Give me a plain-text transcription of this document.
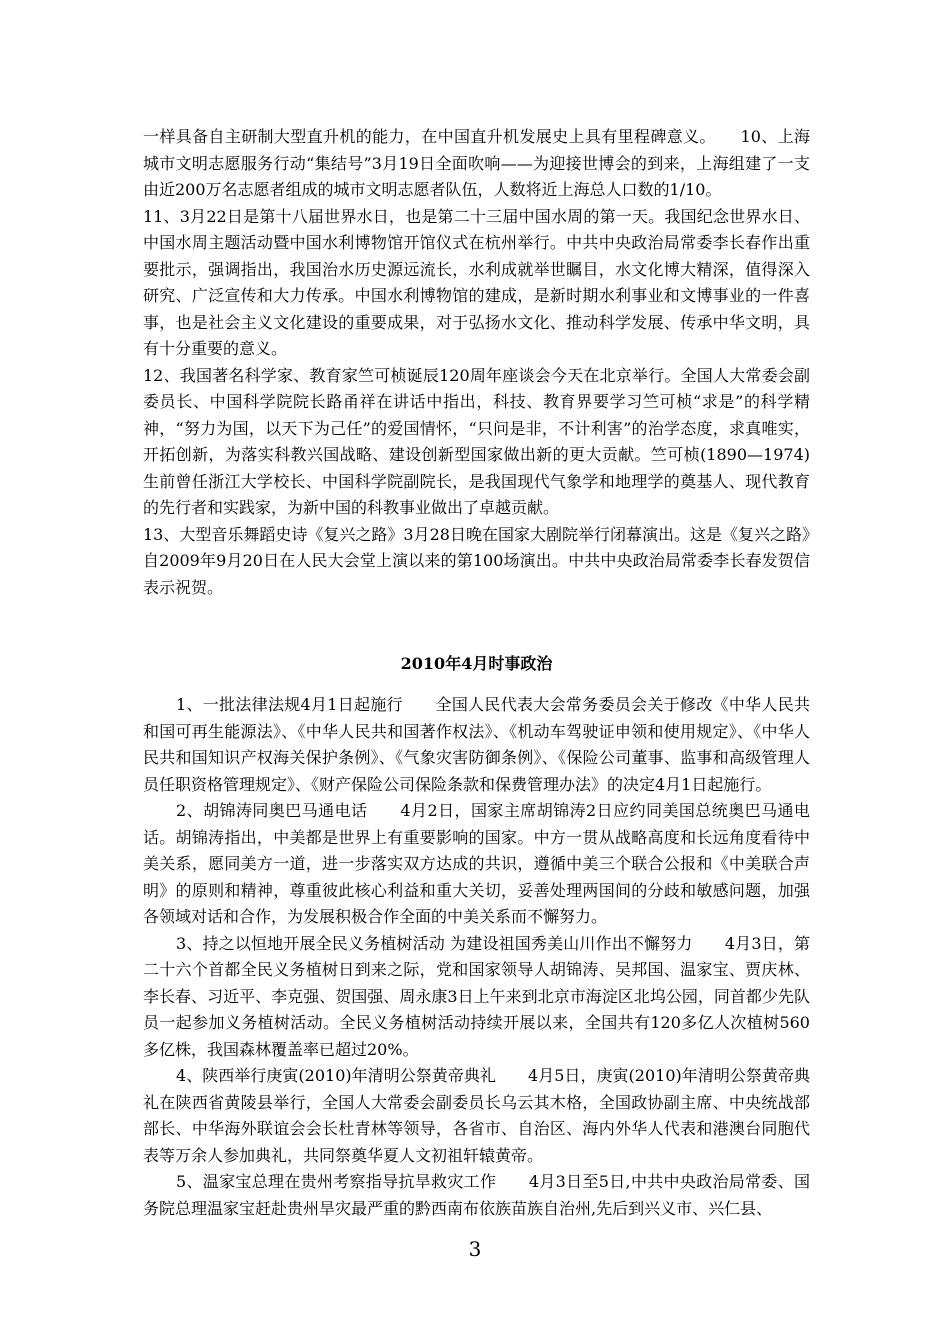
一样具备自主研制大型直升机的能力，在中国直升机发展史上具有里程碑意义。　　10、上海城市文明志愿服务行动“集结号”3月19日全面吹响——为迎接世博会的到来，上海组建了一支由近200万名志愿者组成的城市文明志愿者队伍，人数将近上海总人口数的1/10。

11、3月22日是第十八届世界水日，也是第二十三届中国水周的第一天。我国纪念世界水日、中国水周主题活动暨中国水利博物馆开馆仪式在杭州举行。中共中央政治局常委李长春作出重要批示，强调指出，我国治水历史源远流长，水利成就举世瞩目，水文化博大精深，值得深入研究、广泛宣传和大力传承。中国水利博物馆的建成，是新时期水利事业和文博事业的一件喜事，也是社会主义文化建设的重要成果，对于弘扬水文化、推动科学发展、传承中华文明，具有十分重要的意义。

12、我国著名科学家、教育家竺可桢诞辰120周年座谈会今天在北京举行。全国人大常委会副委员长、中国科学院院长路甬祥在讲话中指出，科技、教育界要学习竺可桢“求是”的科学精神，“努力为国，以天下为己任”的爱国情怀，“只问是非，不计利害”的治学态度，求真唯实，开拓创新，为落实科教兴国战略、建设创新型国家做出新的更大贡献。竺可桢(1890—1974)生前曾任浙江大学校长、中国科学院副院长，是我国现代气象学和地理学的奠基人、现代教育的先行者和实践家，为新中国的科教事业做出了卓越贡献。

13、大型音乐舞蹈史诗《复兴之路》3月28日晚在国家大剧院举行闭幕演出。这是《复兴之路》自2009年9月20日在人民大会堂上演以来的第100场演出。中共中央政治局常委李长春发贺信表示祝贺。

2010年4月时事政治

1、一批法律法规4月1日起施行　　全国人民代表大会常务委员会关于修改《中华人民共和国可再生能源法》、《中华人民共和国著作权法》、《机动车驾驶证申领和使用规定》、《中华人民共和国知识产权海关保护条例》、《气象灾害防御条例》、《保险公司董事、监事和高级管理人员任职资格管理规定》、《财产保险公司保险条款和保费管理办法》的决定4月1日起施行。

2、胡锦涛同奥巴马通电话　　4月2日，国家主席胡锦涛2日应约同美国总统奥巴马通电话。胡锦涛指出，中美都是世界上有重要影响的国家。中方一贯从战略高度和长远角度看待中美关系，愿同美方一道，进一步落实双方达成的共识，遵循中美三个联合公报和《中美联合声明》的原则和精神，尊重彼此核心利益和重大关切，妥善处理两国间的分歧和敏感问题，加强各领域对话和合作，为发展积极合作全面的中美关系而不懈努力。

3、持之以恒地开展全民义务植树活动 为建设祖国秀美山川作出不懈努力　　4月3日，第二十六个首都全民义务植树日到来之际，党和国家领导人胡锦涛、吴邦国、温家宝、贾庆林、李长春、习近平、李克强、贺国强、周永康3日上午来到北京市海淀区北坞公园，同首都少先队员一起参加义务植树活动。全民义务植树活动持续开展以来，全国共有120多亿人次植树560多亿株，我国森林覆盖率已超过20%。

4、陕西举行庚寅(2010)年清明公祭黄帝典礼　　4月5日，庚寅(2010)年清明公祭黄帝典礼在陕西省黄陵县举行，全国人大常委会副委员长乌云其木格，全国政协副主席、中央统战部部长、中华海外联谊会会长杜青林等领导，各省市、自治区、海内外华人代表和港澳台同胞代表等万余人参加典礼，共同祭奠华夏人文初祖轩辕黄帝。

5、温家宝总理在贵州考察指导抗旱救灾工作　　4月3日至5日,中共中央政治局常委、国务院总理温家宝赶赴贵州旱灾最严重的黔西南布依族苗族自治州,先后到兴义市、兴仁县、

3
